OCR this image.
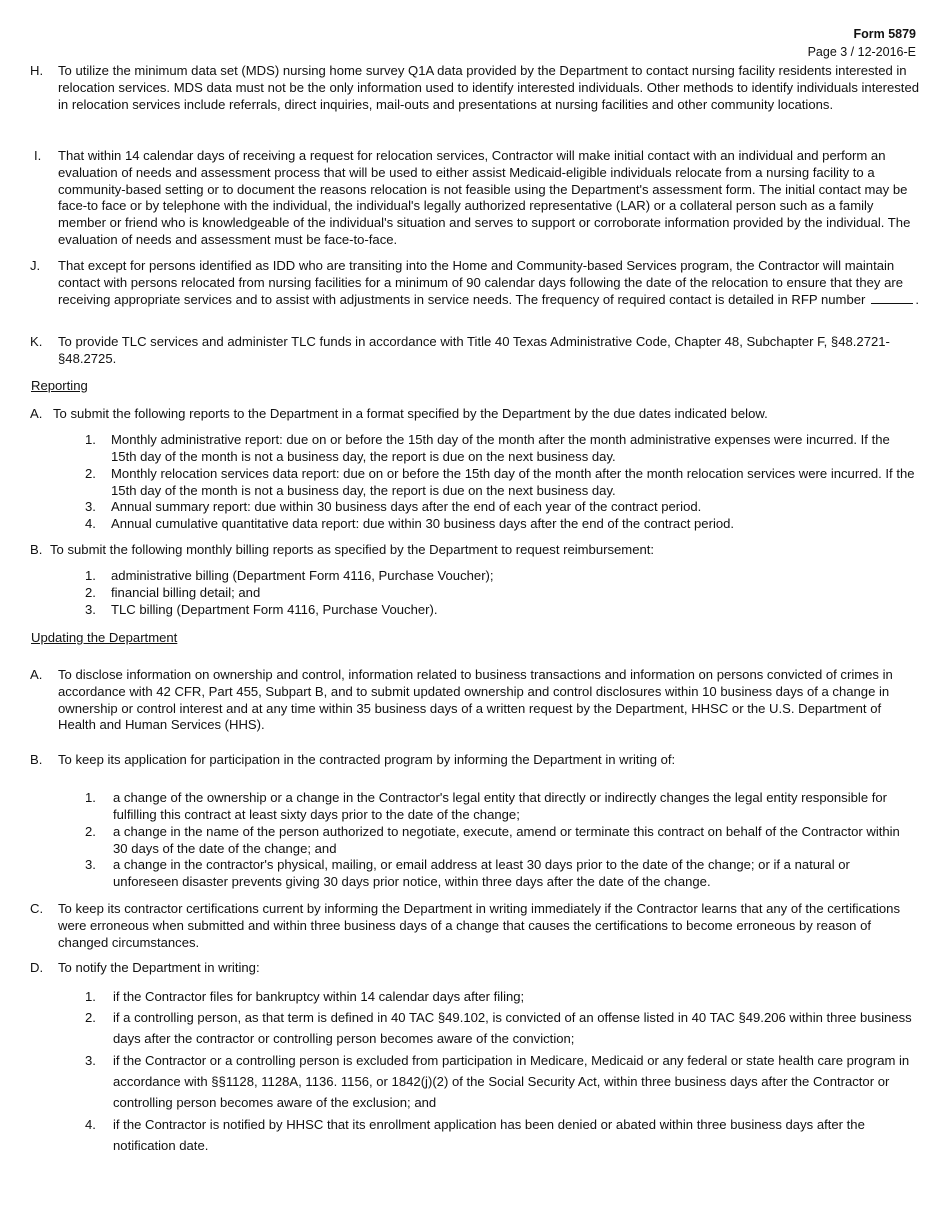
Form 5879
Page 3 / 12-2016-E
H.	To utilize the minimum data set (MDS) nursing home survey Q1A data provided by the Department to contact nursing facility residents interested in relocation services. MDS data must not be the only information used to identify interested individuals. Other methods to identify individuals interested in relocation services include referrals, direct inquiries, mail-outs and presentations at nursing facilities and other community locations.
I.	That within 14 calendar days of receiving a request for relocation services, Contractor will make initial contact with an individual and perform an evaluation of needs and assessment process that will be used to either assist Medicaid-eligible individuals relocate from a nursing facility to a community-based setting or to document the reasons relocation is not feasible using the Department's assessment form. The initial contact may be face-to face or by telephone with the individual, the individual's legally authorized representative (LAR) or a collateral person such as a family member or friend who is knowledgeable of the individual's situation and serves to support or corroborate information provided by the individual. The evaluation of needs and assessment must be face-to-face.
J.	That except for persons identified as IDD who are transiting into the Home and Community-based Services program, the Contractor will maintain contact with persons relocated from nursing facilities for a minimum of 90 calendar days following the date of the relocation to ensure that they are receiving appropriate services and to assist with adjustments in service needs. The frequency of required contact is detailed in RFP number	.
K.	To provide TLC services and administer TLC funds in accordance with Title 40 Texas Administrative Code, Chapter 48, Subchapter F, §48.2721-§48.2725.
Reporting
A. To submit the following reports to the Department in a format specified by the Department by the due dates indicated below.
1.	Monthly administrative report: due on or before the 15th day of the month after the month administrative expenses were incurred. If the 15th day of the month is not a business day, the report is due on the next business day.
2.	Monthly relocation services data report: due on or before the 15th day of the month after the month relocation services were incurred. If the 15th day of the month is not a business day, the report is due on the next business day.
3.	Annual summary report: due within 30 business days after the end of each year of the contract period.
4.	Annual cumulative quantitative data report: due within 30 business days after the end of the contract period.
B. To submit the following monthly billing reports as specified by the Department to request reimbursement:
1.	administrative billing (Department Form 4116, Purchase Voucher);
2.	financial billing detail; and
3.	TLC billing (Department Form 4116, Purchase Voucher).
Updating the Department
A.	To disclose information on ownership and control, information related to business transactions and information on persons convicted of crimes in accordance with 42 CFR, Part 455, Subpart B, and to submit updated ownership and control disclosures within 10 business days of a change in ownership or control interest and at any time within 35 business days of a written request by the Department, HHSC or the U.S. Department of Health and Human Services (HHS).
B.	To keep its application for participation in the contracted program by informing the Department in writing of:
1.	a change of the ownership or a change in the Contractor's legal entity that directly or indirectly changes the legal entity responsible for fulfilling this contract at least sixty days prior to the date of the change;
2.	a change in the name of the person authorized to negotiate, execute, amend or terminate this contract on behalf of the Contractor within 30 days of the date of the change; and
3.	a change in the contractor's physical, mailing, or email address at least 30 days prior to the date of the change; or if a natural or unforeseen disaster prevents giving 30 days prior notice, within three days after the date of the change.
C.	To keep its contractor certifications current by informing the Department in writing immediately if the Contractor learns that any of the certifications were erroneous when submitted and within three business days of a change that causes the certifications to become erroneous by reason of changed circumstances.
D.	To notify the Department in writing:
1.	if the Contractor files for bankruptcy within 14 calendar days after filing;
2.	if a controlling person, as that term is defined in 40 TAC §49.102, is convicted of an offense listed in 40 TAC §49.206 within three business days after the contractor or controlling person becomes aware of the conviction;
3.	if the Contractor or a controlling person is excluded from participation in Medicare, Medicaid or any federal or state health care program in accordance with §§1128, 1128A, 1136. 1156, or 1842(j)(2) of the Social Security Act, within three business days after the Contractor or controlling person becomes aware of the exclusion; and
4.	if the Contractor is notified by HHSC that its enrollment application has been denied or abated within three business days after the notification date.
